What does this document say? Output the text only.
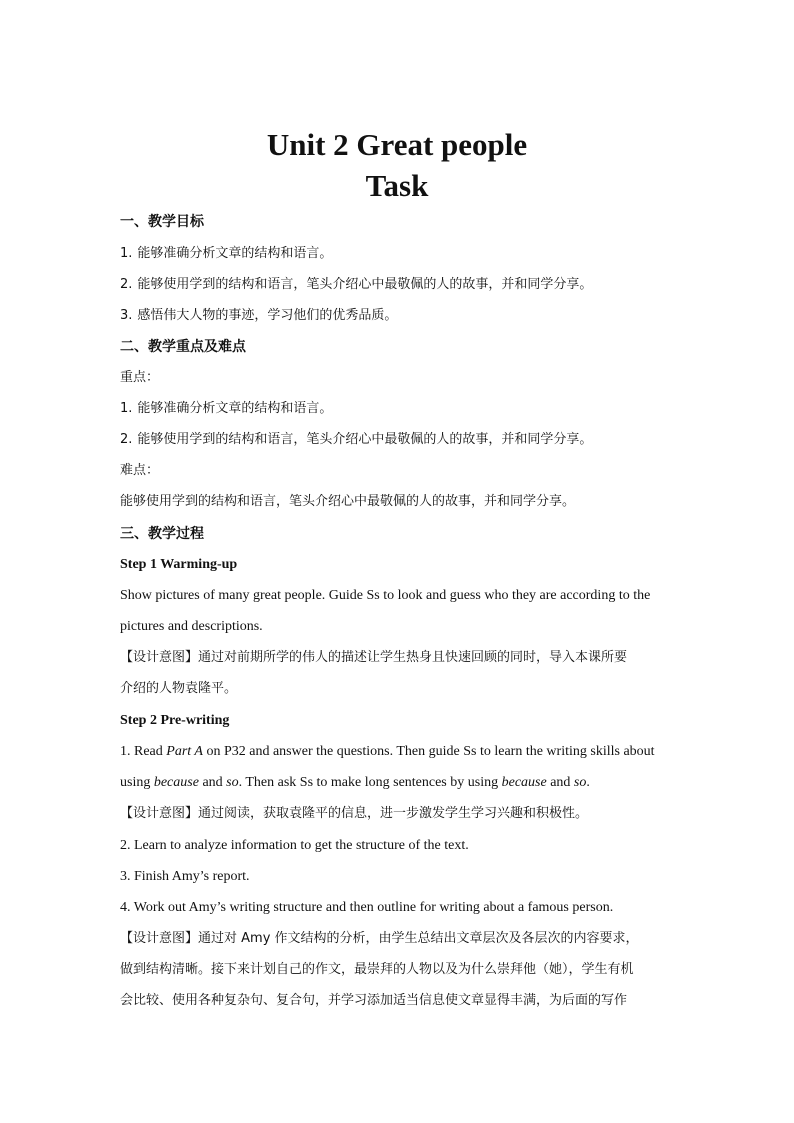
Unit 2 Great people
Task
一、教学目标
1. 能够准确分析文章的结构和语言。
2. 能够使用学到的结构和语言，笔头介绍心中最敬佩的人的故事，并和同学分享。
3. 感悟伟大人物的事迹，学习他们的优秀品质。
二、教学重点及难点
重点：
1. 能够准确分析文章的结构和语言。
2. 能够使用学到的结构和语言，笔头介绍心中最敬佩的人的故事，并和同学分享。
难点：
能够使用学到的结构和语言，笔头介绍心中最敬佩的人的故事，并和同学分享。
三、教学过程
Step 1 Warming-up
Show pictures of many great people. Guide Ss to look and guess who they are according to the
pictures and descriptions.
【设计意图】通过对前期所学的伟人的描述让学生热身且快速回顾的同时，导入本课所要
介绍的人物袁隆平。
Step 2 Pre-writing
1. Read Part A on P32 and answer the questions. Then guide Ss to learn the writing skills about
using because and so. Then ask Ss to make long sentences by using because and so.
【设计意图】通过阅读，获取袁隆平的信息，进一步激发学生学习兴趣和积极性。
2. Learn to analyze information to get the structure of the text.
3. Finish Amy’s report.
4. Work out Amy’s writing structure and then outline for writing about a famous person.
【设计意图】通过对 Amy 作文结构的分析，由学生总结出文章层次及各层次的内容要求，
做到结构清晰。接下来计划自己的作文，最崇拜的人物以及为什么崇拜他（她），学生有机
会比较、使用各种复杂句、复合句，并学习添加适当信息使文章显得丰满，为后面的写作
